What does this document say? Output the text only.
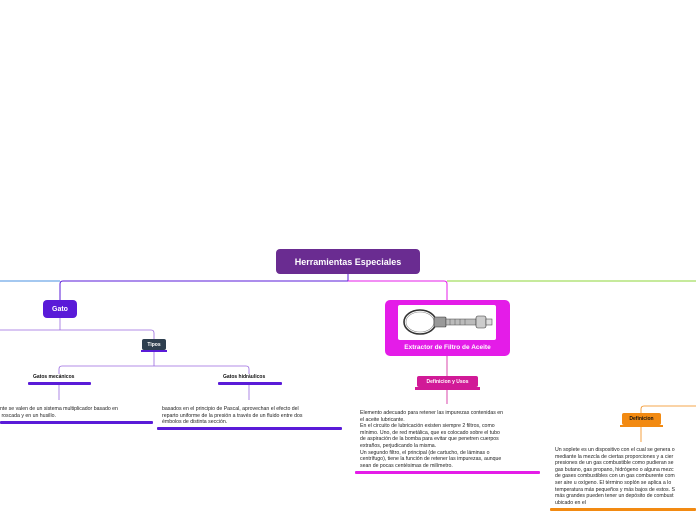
Herramientas Especiales
Gato
Tipos
Gatos mecánicos
nte se valen de un sistema multiplicador basado en
roscada y en un husillo.
Gatos hidráulicos
basados en el principio de Pascal, aprovechan el efecto del
reparto uniforme de la presión a través de un fluido entre dos
émbolos de distinta sección.
Extractor de Filtro de Aceite
Definicion y Usos
Elemento adecuado para retener las impurezas contenidas en
el aceite lubricante.
En el circuito de lubricación existen siempre 2 filtros, como
mínimo. Uno, de red metálica, que es colocado sobre el tubo
de aspiración de la bomba para evitar que penetren cuerpos
extraños, perjudicando la misma.
Un segundo filtro, el principal (de cartucho, de láminas o
centrífugo), tiene la función de retener las impurezas, aunque
sean de pocas centésimas de milímetro.
Definicion
Un soplete es un dispositivo con el cual se genera o
mediante la mezcla de ciertas proporciones y a cier
presiones de un gas combustible como pudieran se
gas butano, gas propano, hidrógeno o alguna mezc
de gases combustibles con un gas comburente com
ser aire u oxígeno. El término soplón se aplica a lo
temperatura más pequeños y más bajos de estos. S
más grandes pueden tener un depósito de combust
ubicado en el
